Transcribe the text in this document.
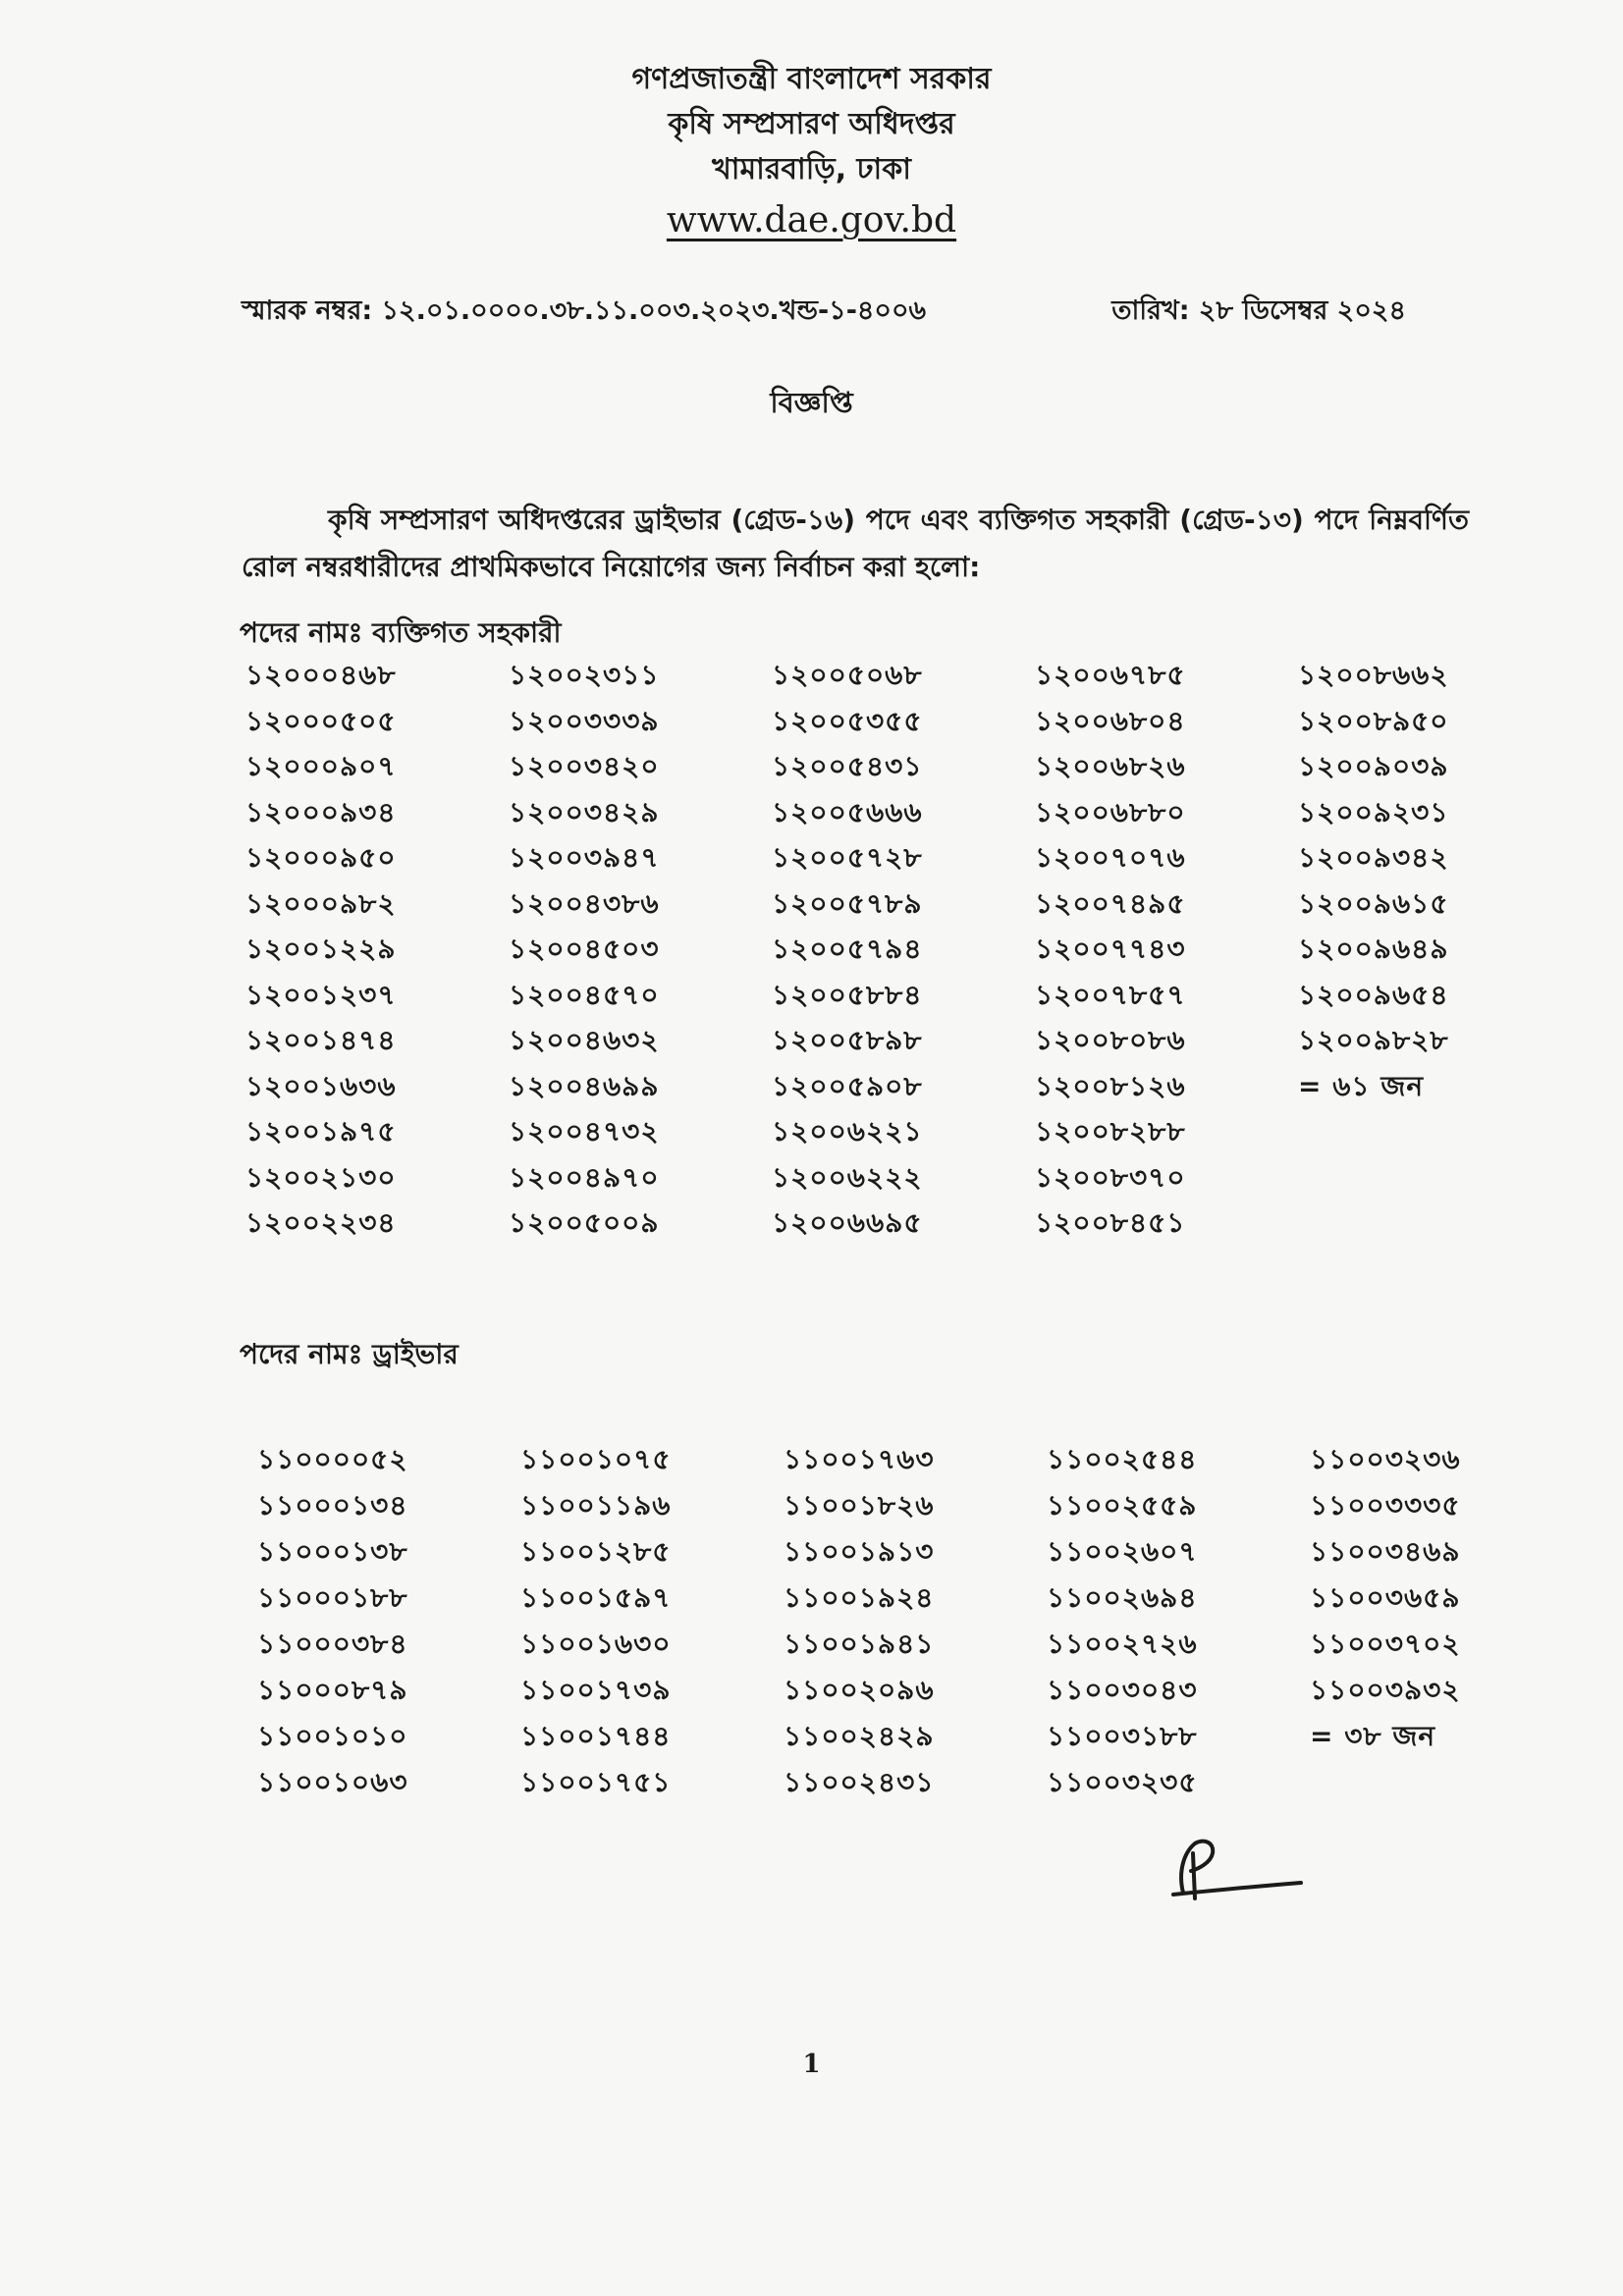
গণপ্রজাতন্ত্রী বাংলাদেশ সরকার
কৃষি সম্প্রসারণ অধিদপ্তর
খামারবাড়ি, ঢাকা
www.dae.gov.bd
স্মারক নম্বর: ১২.০১.০০০০.৩৮.১১.০০৩.২০২৩.খন্ড-১-৪০০৬	তারিখ: ২৮ ডিসেম্বর ২০২৪
বিজ্ঞপ্তি

কৃষি সম্প্রসারণ অধিদপ্তরের ড্রাইভার (গ্রেড-১৬) পদে এবং ব্যক্তিগত সহকারী (গ্রেড-১৩) পদে নিম্নবর্ণিত রোল নম্বরধারীদের প্রাথমিকভাবে নিয়োগের জন্য নির্বাচন করা হলো:

পদের নামঃ ব্যক্তিগত সহকারী
১২০০০৪৬৮
১২০০০৫০৫
১২০০০৯০৭
১২০০০৯৩৪
১২০০০৯৫০
১২০০০৯৮২
১২০০১২২৯
১২০০১২৩৭
১২০০১৪৭৪
১২০০১৬৩৬
১২০০১৯৭৫
১২০০২১৩০
১২০০২২৩৪
১২০০২৩১১
১২০০৩৩৩৯
১২০০৩৪২০
১২০০৩৪২৯
১২০০৩৯৪৭
১২০০৪৩৮৬
১২০০৪৫০৩
১২০০৪৫৭০
১২০০৪৬৩২
১২০০৪৬৯৯
১২০০৪৭৩২
১২০০৪৯৭০
১২০০৫০০৯
১২০০৫০৬৮
১২০০৫৩৫৫
১২০০৫৪৩১
১২০০৫৬৬৬
১২০০৫৭২৮
১২০০৫৭৮৯
১২০০৫৭৯৪
১২০০৫৮৮৪
১২০০৫৮৯৮
১২০০৫৯০৮
১২০০৬২২১
১২০০৬২২২
১২০০৬৬৯৫
১২০০৬৭৮৫
১২০০৬৮০৪
১২০০৬৮২৬
১২০০৬৮৮০
১২০০৭০৭৬
১২০০৭৪৯৫
১২০০৭৭৪৩
১২০০৭৮৫৭
১২০০৮০৮৬
১২০০৮১২৬
১২০০৮২৮৮
১২০০৮৩৭০
১২০০৮৪৫১
১২০০৮৬৬২
১২০০৮৯৫০
১২০০৯০৩৯
১২০০৯২৩১
১২০০৯৩৪২
১২০০৯৬১৫
১২০০৯৬৪৯
১২০০৯৬৫৪
১২০০৯৮২৮
= ৬১ জন
পদের নামঃ ড্রাইভার
১১০০০০৫২
১১০০০১৩৪
১১০০০১৩৮
১১০০০১৮৮
১১০০০৩৮৪
১১০০০৮৭৯
১১০০১০১০
১১০০১০৬৩
১১০০১০৭৫
১১০০১১৯৬
১১০০১২৮৫
১১০০১৫৯৭
১১০০১৬৩০
১১০০১৭৩৯
১১০০১৭৪৪
১১০০১৭৫১
১১০০১৭৬৩
১১০০১৮২৬
১১০০১৯১৩
১১০০১৯২৪
১১০০১৯৪১
১১০০২০৯৬
১১০০২৪২৯
১১০০২৪৩১
১১০০২৫৪৪
১১০০২৫৫৯
১১০০২৬০৭
১১০০২৬৯৪
১১০০২৭২৬
১১০০৩০৪৩
১১০০৩১৮৮
১১০০৩২৩৫
১১০০৩২৩৬
১১০০৩৩৩৫
১১০০৩৪৬৯
১১০০৩৬৫৯
১১০০৩৭০২
১১০০৩৯৩২
= ৩৮ জন
1
